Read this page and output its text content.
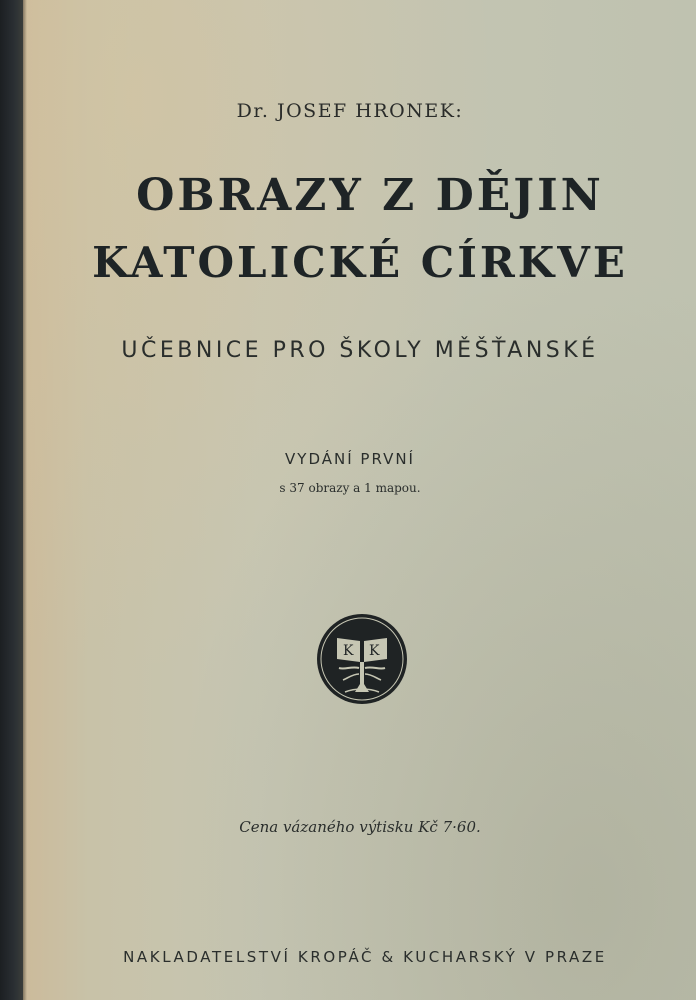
Dr. JOSEF HRONEK:
OBRAZY Z DĚJIN
KATOLICKÉ CÍRKVE
UČEBNICE PRO ŠKOLY MĚŠŤANSKÉ
VYDÁNÍ PRVNÍ
s 37 obrazy a 1 mapou.
K K
Cena vázaného výtisku Kč 7·60.
NAKLADATELSTVÍ KROPÁČ & KUCHARSKÝ V PRAZE
